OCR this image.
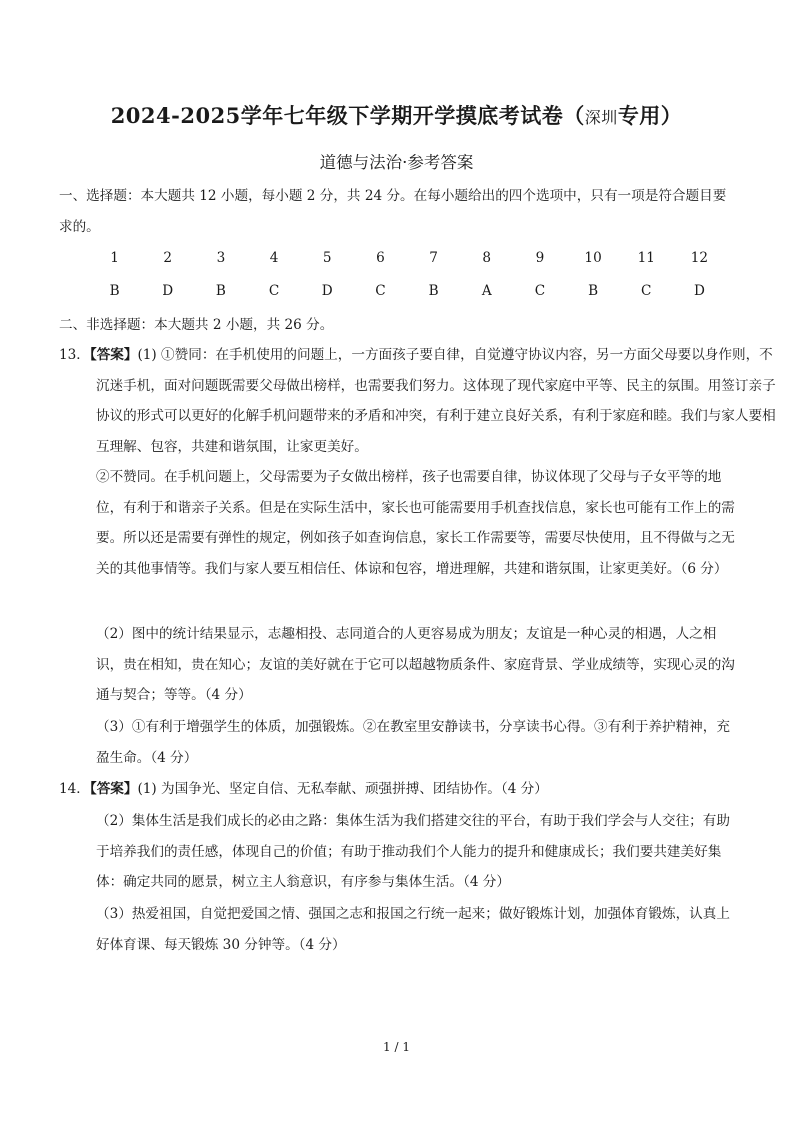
2024-2025学年七年级下学期开学摸底考试卷（深圳专用）
道德与法治·参考答案

一、选择题：本大题共 12 小题，每小题 2 分，共 24 分。在每小题给出的四个选项中，只有一项是符合题目要求的。

1	2	3	4	5	6	7	8	9	10	11	12
B	D	B	C	D	C	B	A	C	B	C	D

二、非选择题：本大题共 2 小题，共 26 分。

13．【答案】(1) ①赞同：在手机使用的问题上，一方面孩子要自律，自觉遵守协议内容，另一方面父母要以身作则，不沉迷手机，面对问题既需要父母做出榜样，也需要我们努力。这体现了现代家庭中平等、民主的氛围。用签订亲子协议的形式可以更好的化解手机问题带来的矛盾和冲突，有利于建立良好关系，有利于家庭和睦。我们与家人要相互理解、包容，共建和谐氛围，让家更美好。

②不赞同。在手机问题上，父母需要为子女做出榜样，孩子也需要自律，协议体现了父母与子女平等的地位，有利于和谐亲子关系。但是在实际生活中，家长也可能需要用手机查找信息，家长也可能有工作上的需要。所以还是需要有弹性的规定，例如孩子如查询信息，家长工作需要等，需要尽快使用，且不得做与之无关的其他事情等。我们与家人要互相信任、体谅和包容，增进理解，共建和谐氛围，让家更美好。（6 分）

（2）图中的统计结果显示，志趣相投、志同道合的人更容易成为朋友；友谊是一种心灵的相遇，人之相识，贵在相知，贵在知心；友谊的美好就在于它可以超越物质条件、家庭背景、学业成绩等，实现心灵的沟通与契合；等等。（4 分）

（3）①有利于增强学生的体质，加强锻炼。②在教室里安静读书，分享读书心得。③有利于养护精神，充盈生命。（4 分）

14．【答案】(1) 为国争光、坚定自信、无私奉献、顽强拼搏、团结协作。（4 分）

（2）集体生活是我们成长的必由之路：集体生活为我们搭建交往的平台，有助于我们学会与人交往；有助于培养我们的责任感，体现自己的价值；有助于推动我们个人能力的提升和健康成长；我们要共建美好集体：确定共同的愿景，树立主人翁意识，有序参与集体生活。（4 分）

（3）热爱祖国，自觉把爱国之情、强国之志和报国之行统一起来；做好锻炼计划，加强体育锻炼，认真上好体育课、每天锻炼 30 分钟等。（4 分）

1 / 1
